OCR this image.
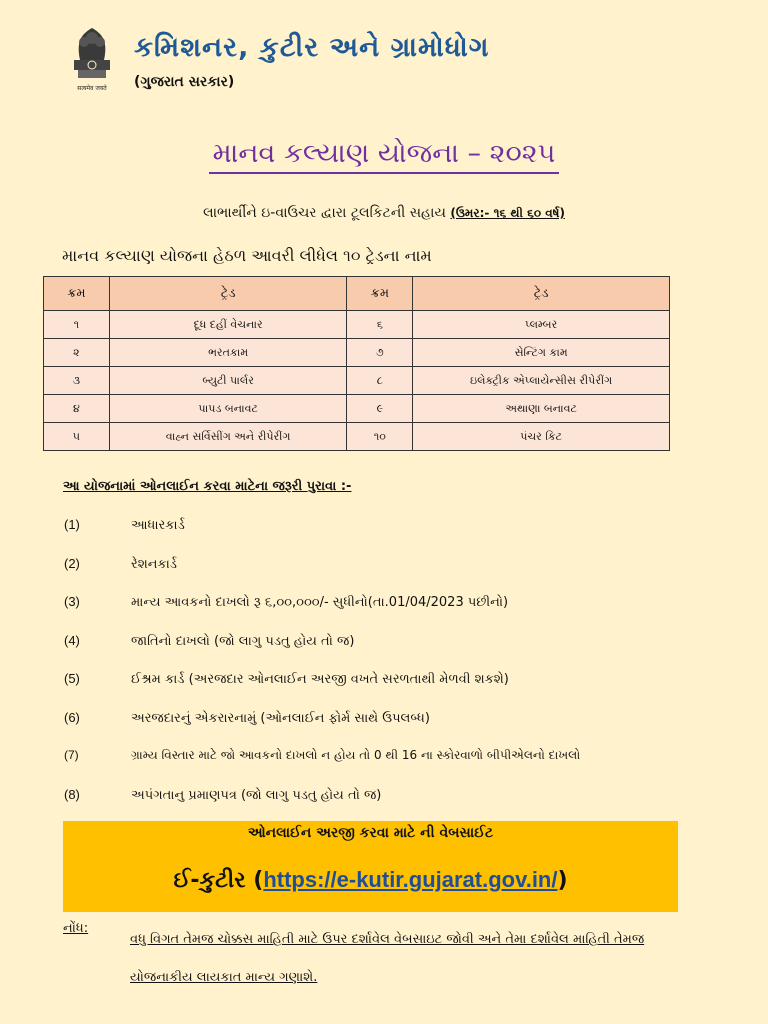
सत्यमेव जयते
કમિશનર, કુટીર અને ગ્રામોધોગ
(ગુજરાત સરકાર)
માનવ કલ્યાણ યોજના – ૨૦૨૫
લાભાર્થીને ઇ-વાઉચર દ્વારા ટૂલકિટની સહાય (ઉમર:- ૧૬ થી ૬૦ વર્ષ)
માનવ કલ્યાણ યોજના હેઠળ આવરી લીધેલ ૧૦ ટ્રેડના નામ
ક્રમ	ટ્રેડ	ક્રમ	ટ્રેડ
૧	દૂધ દહીં વેચનાર	૬	પ્લમ્બર
૨	ભરતકામ	૭	સેન્ટિંગ કામ
૩	બ્યુટી પાર્લર	૮	ઇલેક્ટ્રીક એપ્લાયેન્સીસ રીપેરીંગ
૪	પાપડ બનાવટ	૯	અથાણા બનાવટ
૫	વાહ્ન સર્વિસીંગ અને રીપેરીંગ	૧૦	પંચર કિટ
આ યોજનામાં ઓનલાઈન કરવા માટેના જરૂરી પુરાવા :-
(1)	આધારકાર્ડ
(2)	રેશનકાર્ડ
(3)	માન્ય આવકનો દાખલો રૂ ૬,૦૦,૦૦૦/- સુધીનો(તા.01/04/2023 પછીનો)
(4)	જાતિનો દાખલો (જો લાગુ પડતુ હોય તો જ)
(5)	ઈશ્રમ કાર્ડ (અરજદાર ઓનલાઈન અરજી વખતે સરળતાથી મેળવી શકશે)
(6)	અરજદારનું એકરારનામું (ઓનલાઈન ફોર્મ સાથે ઉપલબ્ધ)
(7)	ગ્રામ્ય વિસ્તાર માટે જો આવકનો દાખલો ન હોય તો 0 થી 16 ના સ્કોરવાળો બીપીએલનો દાખલો
(8)	અપંગતાનુ પ્રમાણપત્ર (જો લાગુ પડતુ હોય તો જ)
ઓનલાઈન અરજી કરવા માટે ની વેબસાઈટ
ઈ-કુટીર (https://e-kutir.gujarat.gov.in/)
નોંધ:
વધુ વિગત તેમજ ચોક્કસ માહિતી માટે ઉપર દર્શાવેલ વેબસાઇટ જોવી અને તેમા દર્શાવેલ માહિતી તેમજ યોજનાકીય લાયકાત માન્ય ગણાશે.
